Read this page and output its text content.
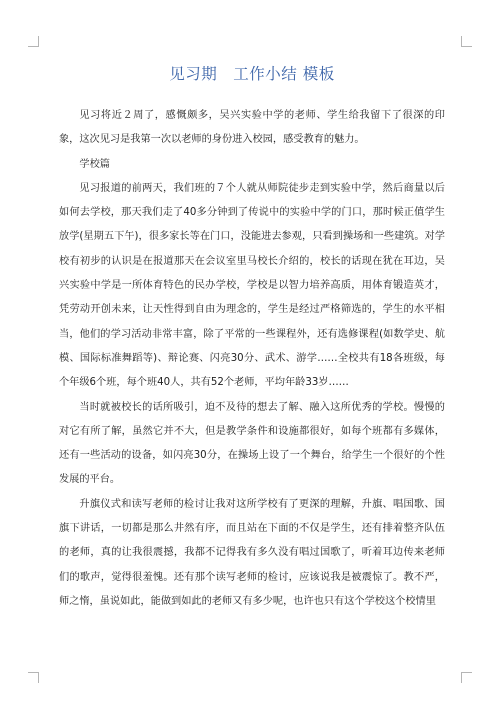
见习期　工作小结 模板

见习将近２周了，感慨颇多，吴兴实验中学的老师、学生给我留下了很深的印象，这次见习是我第一次以老师的身份进入校园，感受教育的魅力。

学校篇

见习报道的前两天，我们班的７个人就从师院徒步走到实验中学，然后商量以后如何去学校，那天我们走了40多分钟到了传说中的实验中学的门口，那时候正值学生放学(星期五下午)，很多家长等在门口，没能进去参观，只看到操场和一些建筑。对学校有初步的认识是在报道那天在会议室里马校长介绍的，校长的话现在犹在耳边，吴兴实验中学是一所体育特色的民办学校，学校是以智力培养高质，用体育锻造英才，凭劳动开创未来，让天性得到自由为理念的，学生是经过严格筛选的，学生的水平相当，他们的学习活动非常丰富，除了平常的一些课程外，还有选修课程(如数学史、航模、国际标准舞蹈等)、辩论赛、闪亮30分、武术、游学……全校共有18各班级，每个年级6个班，每个班40人，共有52个老师，平均年龄33岁……

当时就被校长的话所吸引，迫不及待的想去了解、融入这所优秀的学校。慢慢的对它有所了解，虽然它并不大，但是教学条件和设施都很好，如每个班都有多媒体，还有一些活动的设备，如闪亮30分，在操场上设了一个舞台，给学生一个很好的个性发展的平台。

升旗仪式和读写老师的检讨让我对这所学校有了更深的理解，升旗、唱国歌、国旗下讲话，一切都是那么井然有序，而且站在下面的不仅是学生，还有排着整齐队伍的老师，真的让我很震撼，我都不记得我有多久没有唱过国歌了，听着耳边传来老师们的歌声，觉得很羞愧。还有那个读写老师的检讨，应该说我是被震惊了。教不严，师之惰，虽说如此，能做到如此的老师又有多少呢，也许也只有这个学校这个校情里
